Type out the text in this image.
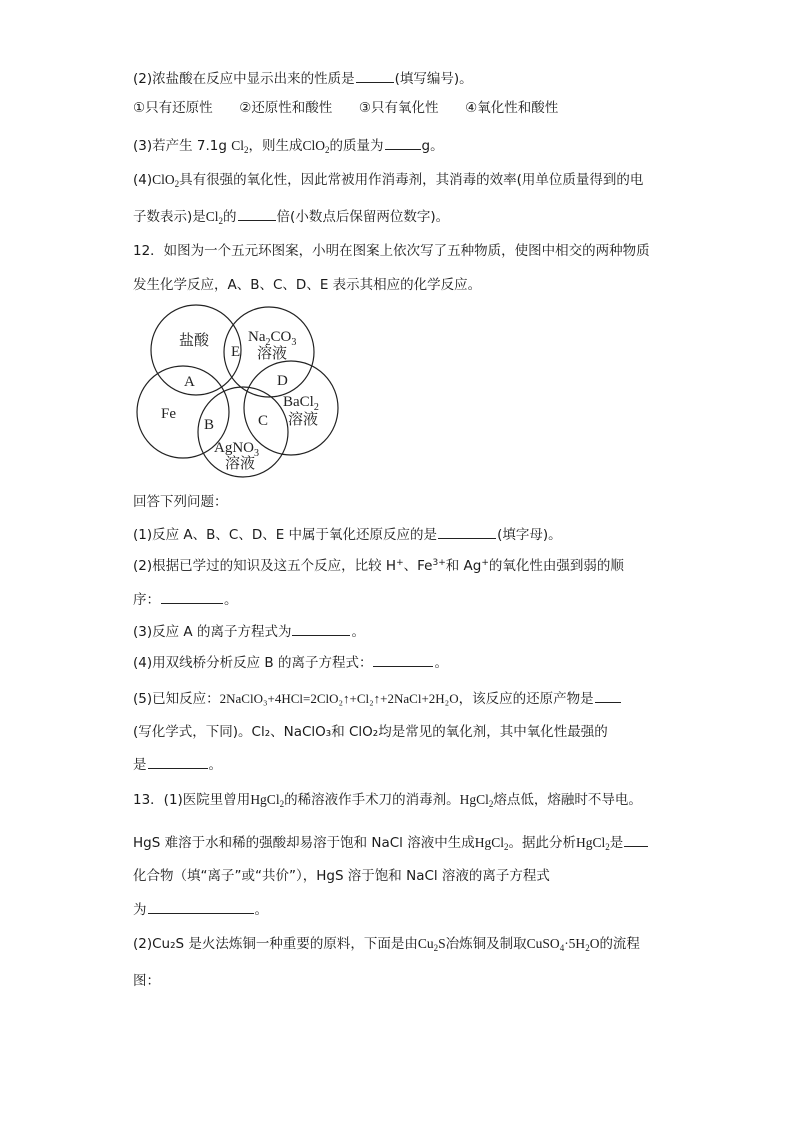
(2)浓盐酸在反应中显示出来的性质是	(填写编号)。
①只有还原性 ②还原性和酸性 ③只有氧化性 ④氧化性和酸性
(3)若产生 7.1g $Cl_2$，则生成ClO$_2$的质量为	g。
(4)ClO$_2$具有很强的氧化性，因此常被用作消毒剂，其消毒的效率(用单位质量得到的电
子数表示)是$Cl_2$的	倍(小数点后保留两位数字)。
12．如图为一个五元环图案，小明在图案上依次写了五种物质，使图中相交的两种物质
发生化学反应，A、B、C、D、E 表示其相应的化学反应。
盐酸	$Na_2CO_3$
溶液
Fe
BaCl$_2$
溶液
AgNO$_3$
溶液
A
B	C
D
E
回答下列问题：
(1)反应 A、B、C、D、E 中属于氧化还原反应的是	(填字母)。
(2)根据已学过的知识及这五个反应，比较 H+、$Fe^{3+}$和 Ag+的氧化性由强到弱的顺
序：	。
(3)反应 A 的离子方程式为	。
(4)用双线桥分析反应 B 的离子方程式：	。
(5)已知反应：2NaClO₃+4HCl=2ClO₂↑+Cl₂↑+2NaCl+2H₂O，该反应的还原产物是
(写化学式，下同)。Cl₂、NaClO₃和 ClO₂均是常见的氧化剂，其中氧化性最强的
是	。
13．(1)医院里曾用HgCl$_2$的稀溶液作手术刀的消毒剂。HgCl$_2$熔点低，熔融时不导电。
HgS 难溶于水和稀的强酸却易溶于饱和 NaCl 溶液中生成HgCl$_2$。据此分析HgCl$_2$是
化合物（填“离子”或“共价”），HgS 溶于饱和 NaCl 溶液的离子方程式
为	。
(2)Cu₂S 是火法炼铜一种重要的原料，下面是由$Cu_2S$冶炼铜及制取$CuSO_4\cdot 5H_2O$的流程
图：
